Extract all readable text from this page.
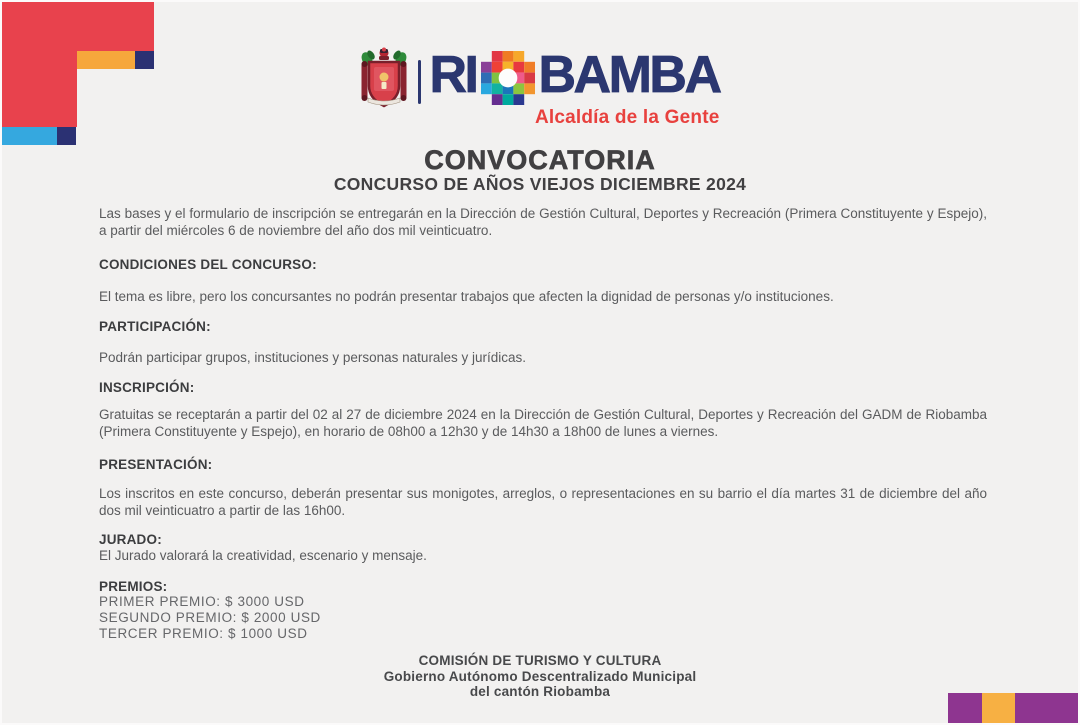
RI BAMBA
Alcaldía de la Gente
CONVOCATORIA
CONCURSO DE AÑOS VIEJOS DICIEMBRE 2024
Las bases y el formulario de inscripción se entregarán en la Dirección de Gestión Cultural, Deportes y Recreación (Primera Constituyente y Espejo), a partir del miércoles 6 de noviembre del año dos mil veinticuatro.
CONDICIONES DEL CONCURSO:
El tema es libre, pero los concursantes no podrán presentar trabajos que afecten la dignidad de personas y/o instituciones.
PARTICIPACIÓN:
Podrán participar grupos, instituciones y personas naturales y jurídicas.
INSCRIPCIÓN:
Gratuitas se receptarán a partir del 02 al 27 de diciembre 2024 en la Dirección de Gestión Cultural, Deportes y Recreación del GADM de Riobamba (Primera Constituyente y Espejo), en horario de 08h00 a 12h30 y de 14h30 a 18h00 de lunes a viernes.
PRESENTACIÓN:
Los inscritos en este concurso, deberán presentar sus monigotes, arreglos, o representaciones en su barrio el día martes 31 de diciembre del año dos mil veinticuatro a partir de las 16h00.
JURADO:
El Jurado valorará la creatividad, escenario y mensaje.
PREMIOS:
PRIMER PREMIO: $ 3000 USD
SEGUNDO PREMIO: $ 2000 USD
TERCER PREMIO: $ 1000 USD
COMISIÓN DE TURISMO Y CULTURA
Gobierno Autónomo Descentralizado Municipal
del cantón Riobamba
